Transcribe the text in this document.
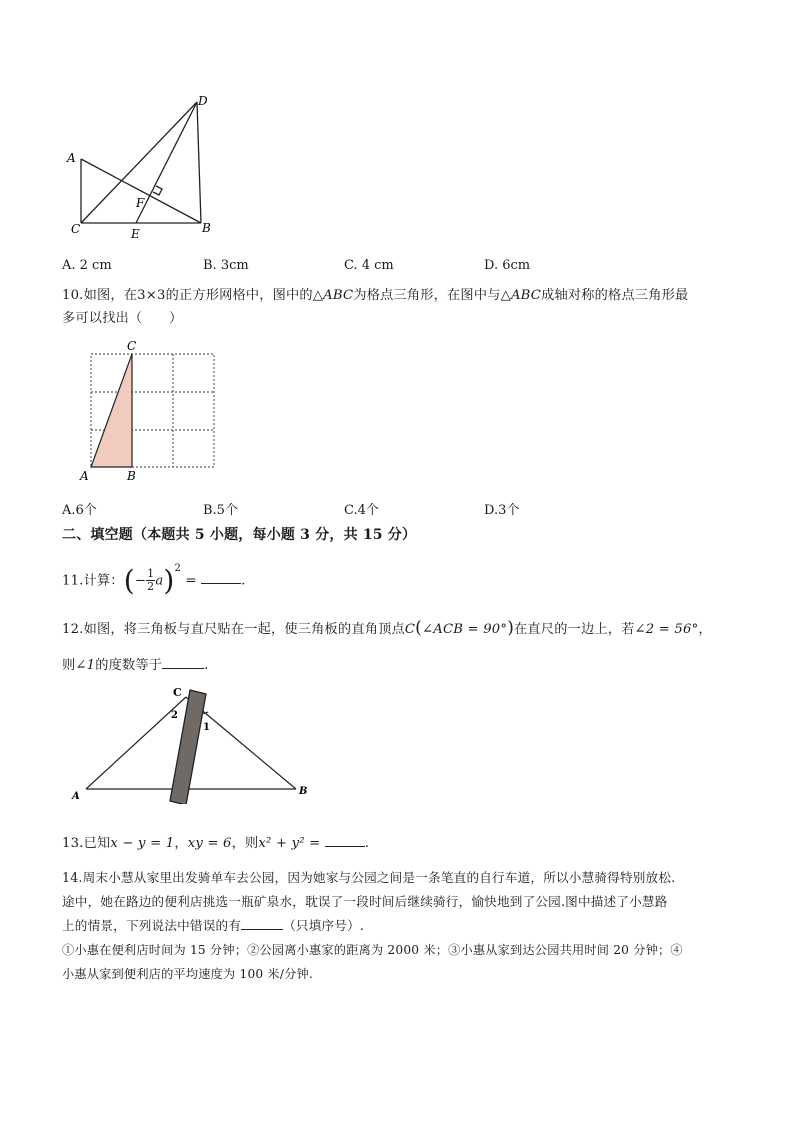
A
C	B
D
E
F
A. 2 cm	B. 3cm	C. 4 cm	D. 6cm
10.如图，在3×3的正方形网格中，图中的△ABC为格点三角形，在图中与△ABC成轴对称的格点三角形最
多可以找出（　　）
C
A	B
A.6个	B.5个	C.4个	D.3个
二、填空题（本题共 5 小题，每小题 3 分，共 15 分）
11.计算：(− $\frac{1}{2} a)^2$ =	.
12.如图，将三角板与直尺贴在一起，使三角板的直角顶点C(∠ACB = 90°)在直尺的一边上，若∠2 = 56°，
则∠1的度数等于	.
C
2
1
A	B
13.已知x − y = 1，xy = 6，则x² + y² =	.
14.周末小慧从家里出发骑单车去公园，因为她家与公园之间是一条笔直的自行车道，所以小慧骑得特别放松.
途中，她在路边的便利店挑选一瓶矿泉水，耽误了一段时间后继续骑行，愉快地到了公园.图中描述了小慧路
上的情景，下列说法中错误的有	（只填序号）.
①小惠在便利店时间为 15 分钟；②公园离小惠家的距离为 2000 米；③小惠从家到达公园共用时间 20 分钟；④
小惠从家到便利店的平均速度为 100 米/分钟.
